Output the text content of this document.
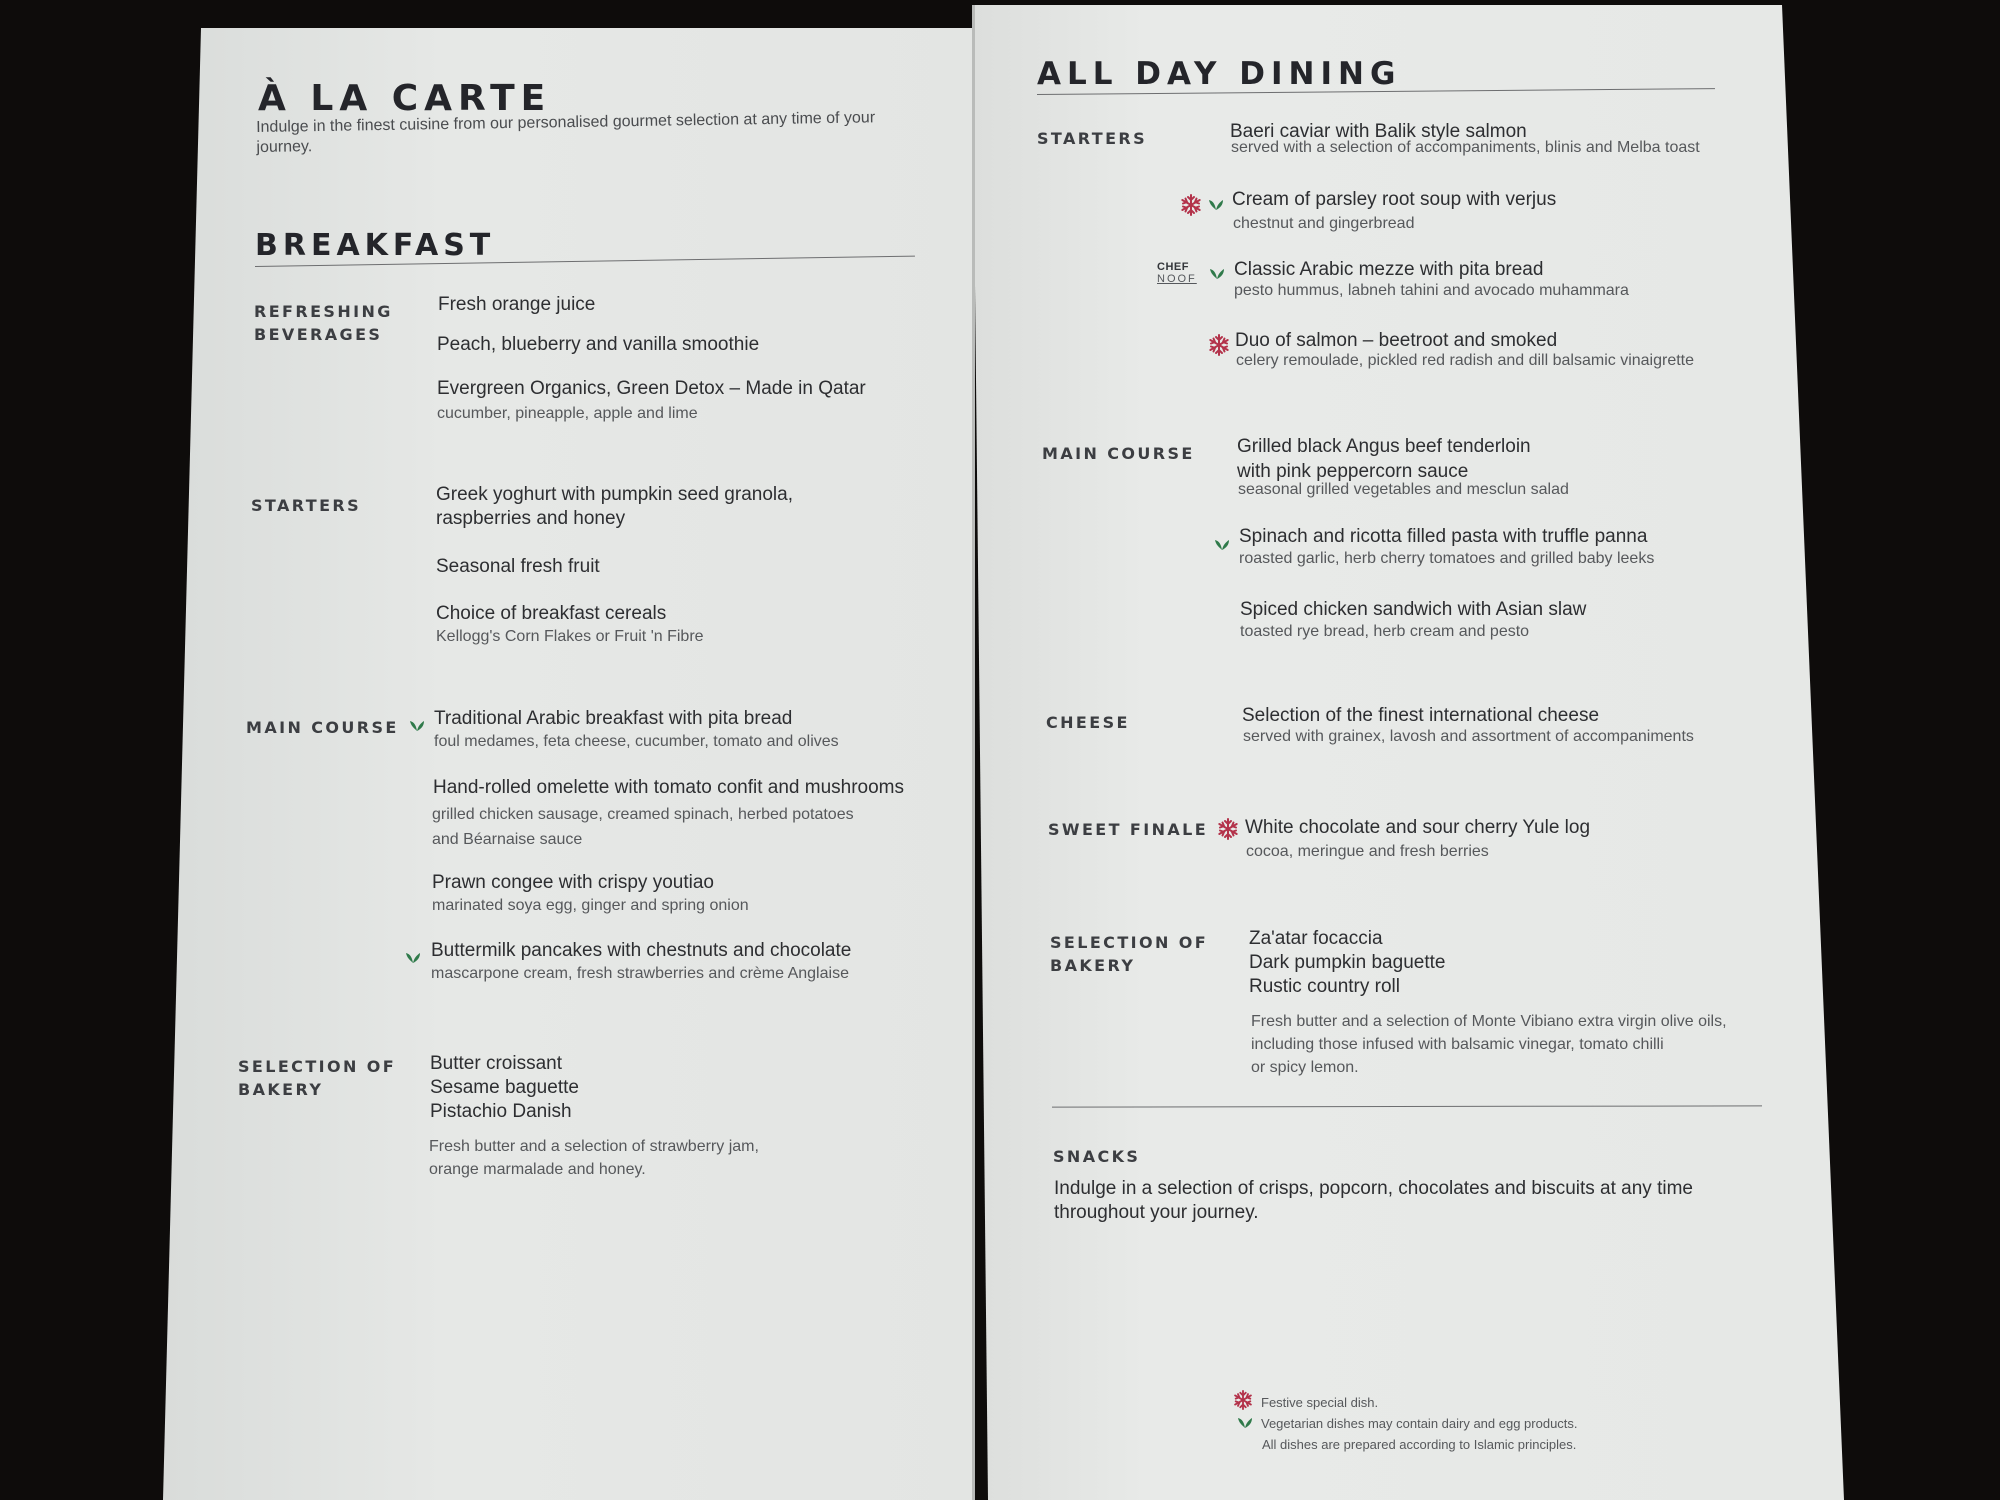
À LA CARTE
Indulge in the finest cuisine from our personalised gourmet selection at any time of your journey.
BREAKFAST
REFRESHING
BEVERAGES
Fresh orange juice
Peach, blueberry and vanilla smoothie
Evergreen Organics, Green Detox – Made in Qatar
cucumber, pineapple, apple and lime
STARTERS
Greek yoghurt with pumpkin seed granola,
raspberries and honey
Seasonal fresh fruit
Choice of breakfast cereals
Kellogg's Corn Flakes or Fruit 'n Fibre
MAIN COURSE Traditional Arabic breakfast with pita bread
foul medames, feta cheese, cucumber, tomato and olives
Hand-rolled omelette with tomato confit and mushrooms
grilled chicken sausage, creamed spinach, herbed potatoes
and Béarnaise sauce
Prawn congee with crispy youtiao
marinated soya egg, ginger and spring onion
Buttermilk pancakes with chestnuts and chocolate
mascarpone cream, fresh strawberries and crème Anglaise
SELECTION OF
BAKERY
Butter croissant
Sesame baguette
Pistachio Danish
Fresh butter and a selection of strawberry jam,
orange marmalade and honey.
ALL DAY DINING
STARTERS	Baeri caviar with Balik style salmon
served with a selection of accompaniments, blinis and Melba toast
Cream of parsley root soup with verjus
chestnut and gingerbread
CHEF
NOOF Classic Arabic mezze with pita bread
pesto hummus, labneh tahini and avocado muhammara
Duo of salmon – beetroot and smoked
celery remoulade, pickled red radish and dill balsamic vinaigrette
MAIN COURSE Grilled black Angus beef tenderloin
with pink peppercorn sauce
seasonal grilled vegetables and mesclun salad
Spinach and ricotta filled pasta with truffle panna
roasted garlic, herb cherry tomatoes and grilled baby leeks
Spiced chicken sandwich with Asian slaw
toasted rye bread, herb cream and pesto
CHEESE	Selection of the finest international cheese
served with grainex, lavosh and assortment of accompaniments
SWEET FINALE White chocolate and sour cherry Yule log
cocoa, meringue and fresh berries
SELECTION OF
BAKERY
Za'atar focaccia
Dark pumpkin baguette
Rustic country roll
Fresh butter and a selection of Monte Vibiano extra virgin olive oils,
including those infused with balsamic vinegar, tomato chilli
or spicy lemon.
SNACKS
Indulge in a selection of crisps, popcorn, chocolates and biscuits at any time
throughout your journey.
Festive special dish.
Vegetarian dishes may contain dairy and egg products.
All dishes are prepared according to Islamic principles.
